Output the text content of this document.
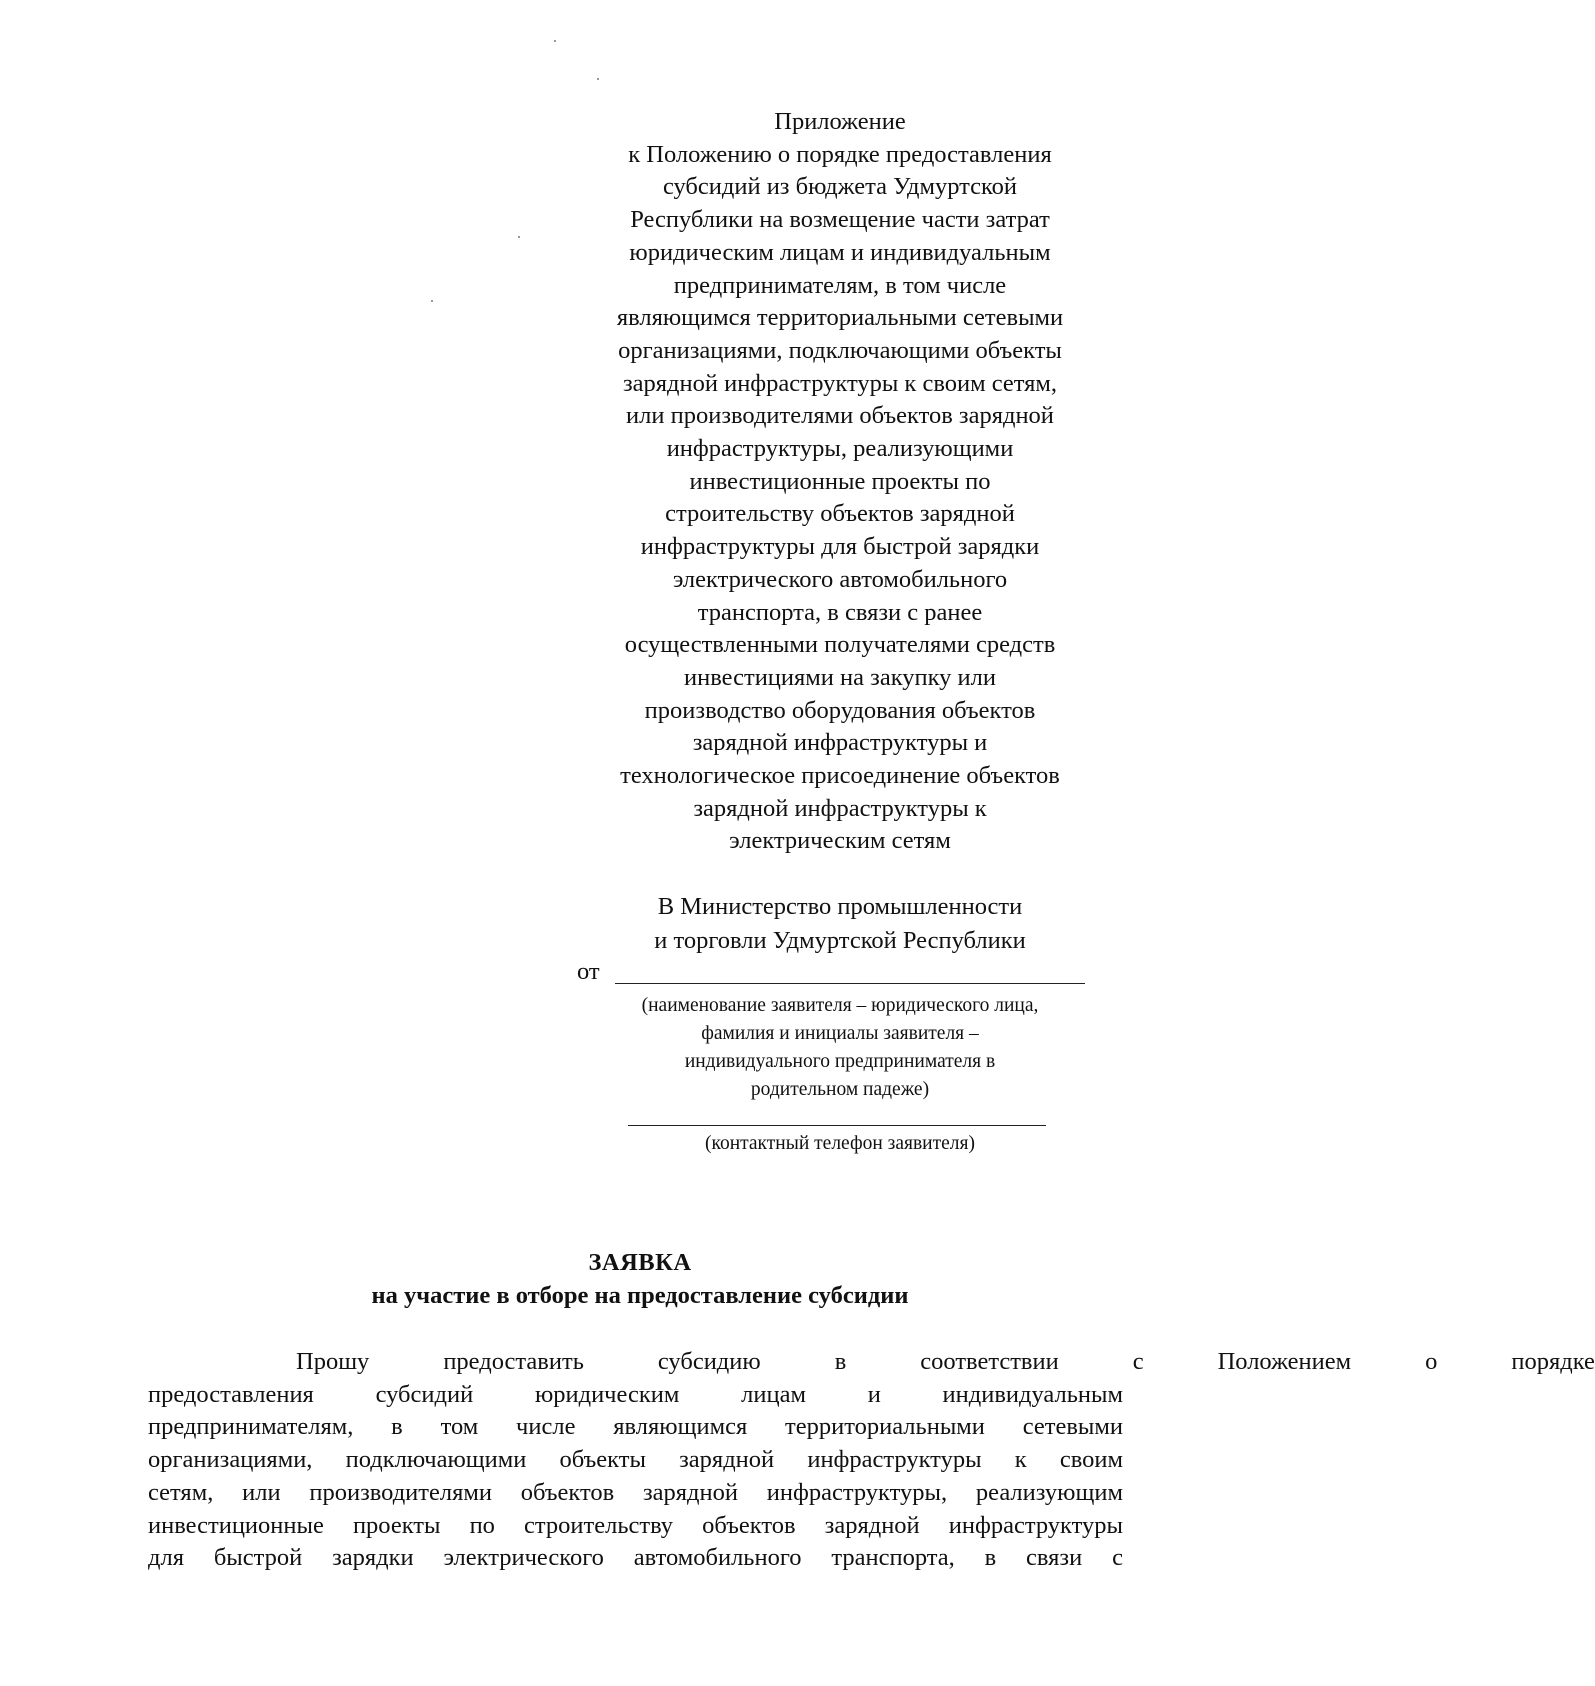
Приложение
к Положению о порядке предоставления
субсидий из бюджета Удмуртской
Республики на возмещение части затрат
юридическим лицам и индивидуальным
предпринимателям, в том числе
являющимся территориальными сетевыми
организациями, подключающими объекты
зарядной инфраструктуры к своим сетям,
или производителями объектов зарядной
инфраструктуры, реализующими
инвестиционные проекты по
строительству объектов зарядной
инфраструктуры для быстрой зарядки
электрического автомобильного
транспорта, в связи с ранее
осуществленными получателями средств
инвестициями на закупку или
производство оборудования объектов
зарядной инфраструктуры и
технологическое присоединение объектов
зарядной инфраструктуры к
электрическим сетям
В Министерство промышленности
и торговли Удмуртской Республики
от
(наименование заявителя – юридического лица,
фамилия и инициалы заявителя –
индивидуального предпринимателя в
родительном падеже)
(контактный телефон заявителя)
ЗАЯВКА
на участие в отборе на предоставление субсидии
Прошу	предоставить	субсидию	в	соответствии	с	Положением	о	порядке
предоставления	субсидий	юридическим	лицам	и	индивидуальным
предпринимателям, в том числе являющимся территориальными сетевыми
организациями, подключающими объекты зарядной инфраструктуры к своим
сетям, или производителями объектов зарядной инфраструктуры, реализующим
инвестиционные проекты по строительству объектов зарядной инфраструктуры
для быстрой зарядки электрического автомобильного транспорта, в связи с
